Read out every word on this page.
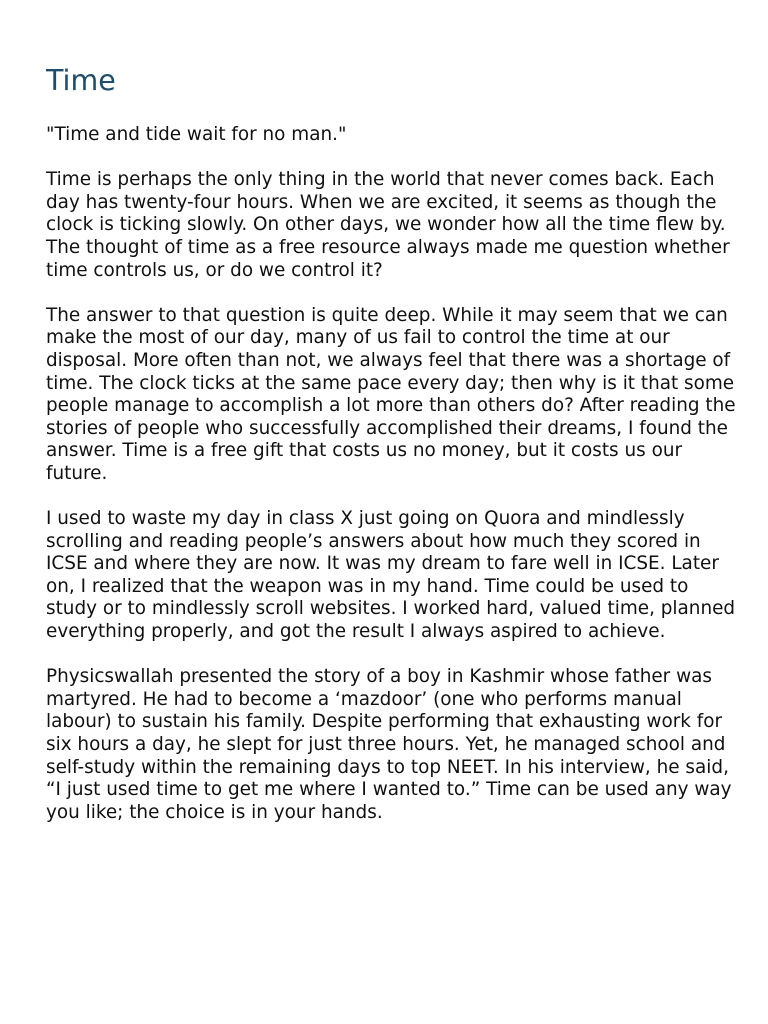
Time

"Time and tide wait for no man."

Time is perhaps the only thing in the world that never comes back. Each day has twenty-four hours. When we are excited, it seems as though the clock is ticking slowly. On other days, we wonder how all the time flew by. The thought of time as a free resource always made me question whether time controls us, or do we control it?

The answer to that question is quite deep. While it may seem that we can make the most of our day, many of us fail to control the time at our disposal. More often than not, we always feel that there was a shortage of time. The clock ticks at the same pace every day; then why is it that some people manage to accomplish a lot more than others do? After reading the stories of people who successfully accomplished their dreams, I found the answer. Time is a free gift that costs us no money, but it costs us our future.

I used to waste my day in class X just going on Quora and mindlessly scrolling and reading people’s answers about how much they scored in ICSE and where they are now. It was my dream to fare well in ICSE. Later on, I realized that the weapon was in my hand. Time could be used to study or to mindlessly scroll websites. I worked hard, valued time, planned everything properly, and got the result I always aspired to achieve.

Physicswallah presented the story of a boy in Kashmir whose father was martyred. He had to become a ‘mazdoor’ (one who performs manual labour) to sustain his family. Despite performing that exhausting work for six hours a day, he slept for just three hours. Yet, he managed school and self-study within the remaining days to top NEET. In his interview, he said, “I just used time to get me where I wanted to.” Time can be used any way you like; the choice is in your hands.
